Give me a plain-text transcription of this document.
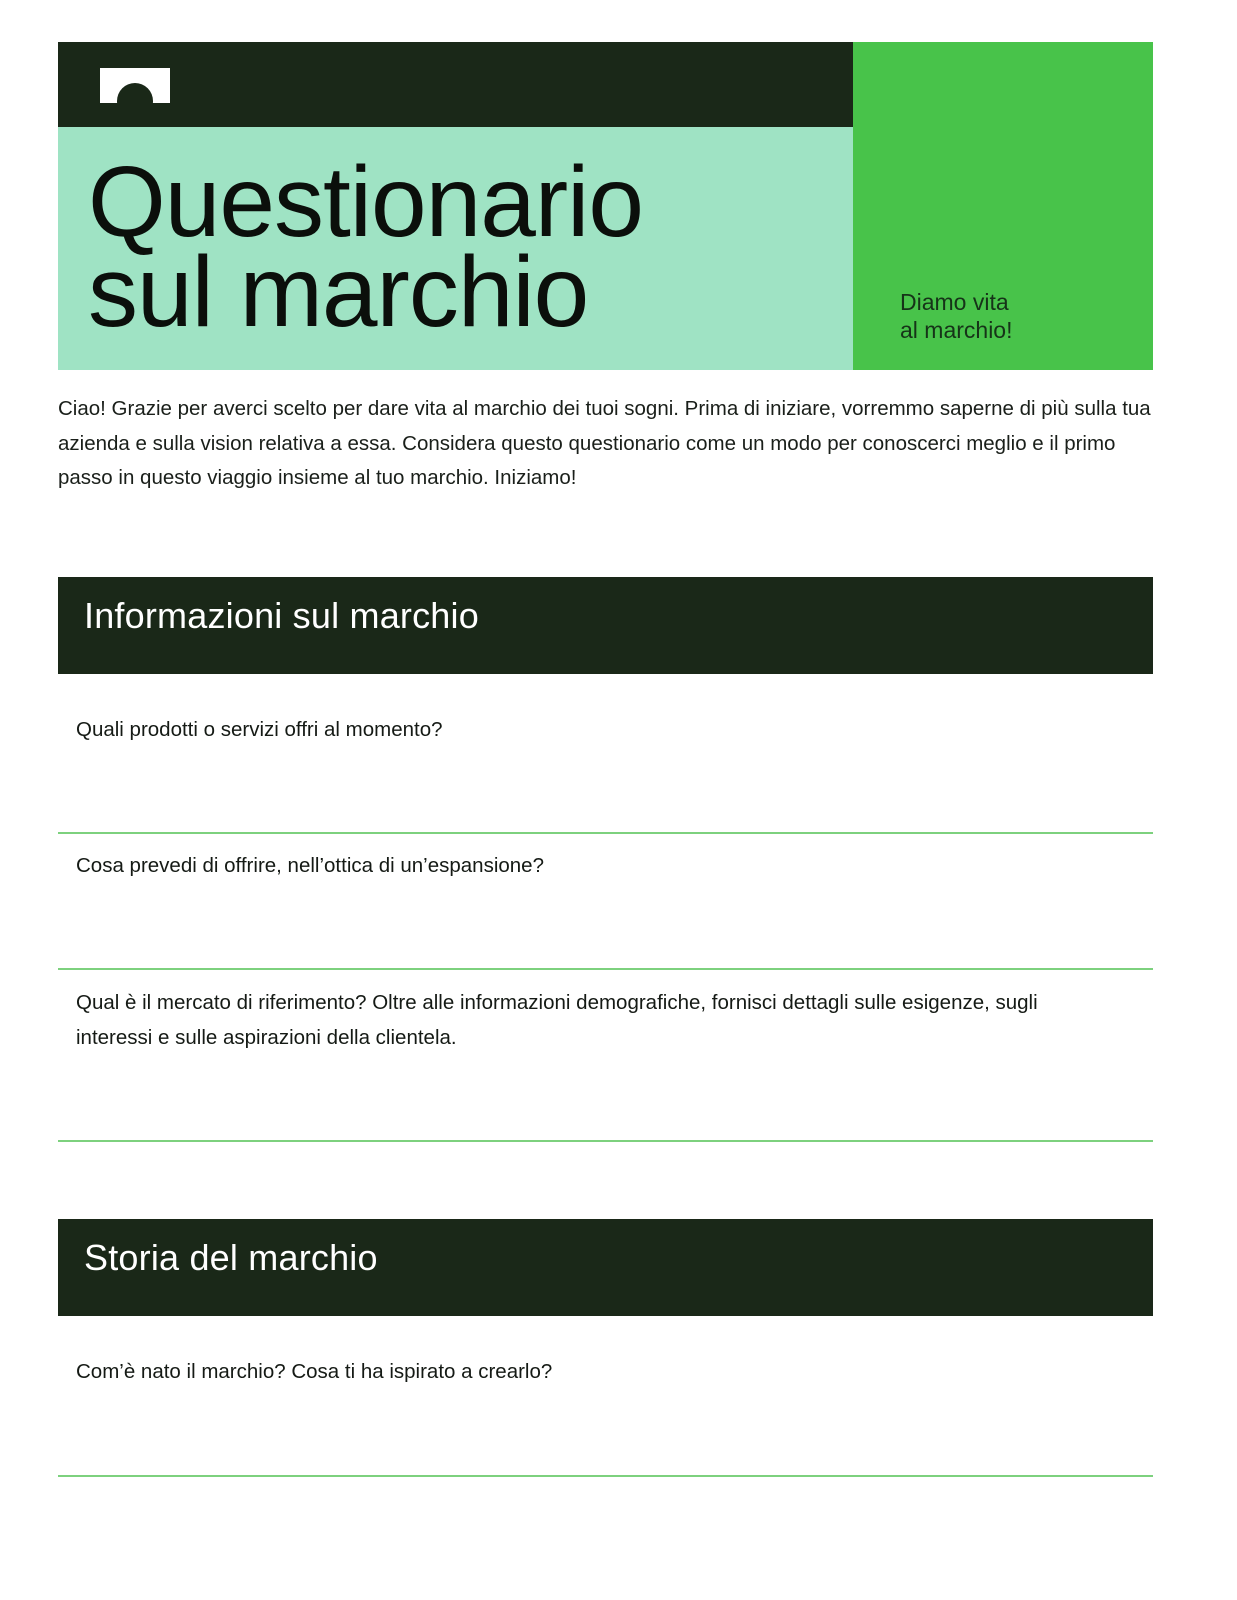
Questionario
sul marchio	Diamo vita
al marchio!

Ciao! Grazie per averci scelto per dare vita al marchio dei tuoi sogni. Prima di iniziare, vorremmo saperne di più sulla tua azienda e sulla vision relativa a essa. Considera questo questionario come un modo per conoscerci meglio e il primo passo in questo viaggio insieme al tuo marchio. Iniziamo!

Informazioni sul marchio
Quali prodotti o servizi offri al momento?
Cosa prevedi di offrire, nell’ottica di un’espansione?
Qual è il mercato di riferimento? Oltre alle informazioni demografiche, fornisci dettagli sulle esigenze, sugli interessi e sulle aspirazioni della clientela.
Storia del marchio
Com’è nato il marchio? Cosa ti ha ispirato a crearlo?
